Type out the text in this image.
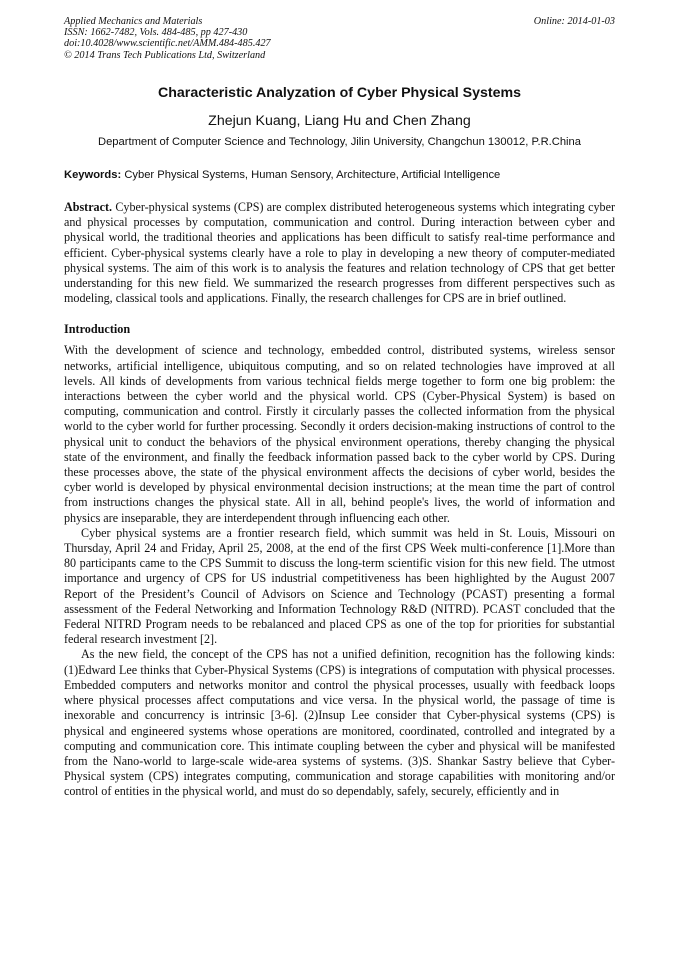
Applied Mechanics and Materials
ISSN: 1662-7482, Vols. 484-485, pp 427-430
doi:10.4028/www.scientific.net/AMM.484-485.427
© 2014 Trans Tech Publications Ltd, Switzerland
Online: 2014-01-03
Characteristic Analyzation of Cyber Physical Systems
Zhejun Kuang, Liang Hu and Chen Zhang
Department of Computer Science and Technology, Jilin University, Changchun 130012, P.R.China
Keywords: Cyber Physical Systems, Human Sensory, Architecture, Artificial Intelligence
Abstract. Cyber-physical systems (CPS) are complex distributed heterogeneous systems which integrating cyber and physical processes by computation, communication and control. During interaction between cyber and physical world, the traditional theories and applications has been difficult to satisfy real-time performance and efficient. Cyber-physical systems clearly have a role to play in developing a new theory of computer-mediated physical systems. The aim of this work is to analysis the features and relation technology of CPS that get better understanding for this new field. We summarized the research progresses from different perspectives such as modeling, classical tools and applications. Finally, the research challenges for CPS are in brief outlined.
Introduction

With the development of science and technology, embedded control, distributed systems, wireless sensor networks, artificial intelligence, ubiquitous computing, and so on related technologies have improved at all levels. All kinds of developments from various technical fields merge together to form one big problem: the interactions between the cyber world and the physical world. CPS (Cyber-Physical System) is based on computing, communication and control. Firstly it circularly passes the collected information from the physical world to the cyber world for further processing. Secondly it orders decision-making instructions of control to the physical unit to conduct the behaviors of the physical environment operations, thereby changing the physical state of the environment, and finally the feedback information passed back to the cyber world by CPS. During these processes above, the state of the physical environment affects the decisions of cyber world, besides the cyber world is developed by physical environmental decision instructions; at the mean time the part of control from instructions changes the physical state. All in all, behind people's lives, the world of information and physics are inseparable, they are interdependent through influencing each other.

Cyber physical systems are a frontier research field, which summit was held in St. Louis, Missouri on Thursday, April 24 and Friday, April 25, 2008, at the end of the first CPS Week multi-conference [1].More than 80 participants came to the CPS Summit to discuss the long-term scientific vision for this new field. The utmost importance and urgency of CPS for US industrial competitiveness has been highlighted by the August 2007 Report of the President’s Council of Advisors on Science and Technology (PCAST) presenting a formal assessment of the Federal Networking and Information Technology R&D (NITRD). PCAST concluded that the Federal NITRD Program needs to be rebalanced and placed CPS as one of the top for priorities for substantial federal research investment [2].

As the new field, the concept of the CPS has not a unified definition, recognition has the following kinds: (1)Edward Lee thinks that Cyber-Physical Systems (CPS) is integrations of computation with physical processes. Embedded computers and networks monitor and control the physical processes, usually with feedback loops where physical processes affect computations and vice versa. In the physical world, the passage of time is inexorable and concurrency is intrinsic [3-6]. (2)Insup Lee consider that Cyber-physical systems (CPS) is physical and engineered systems whose operations are monitored, coordinated, controlled and integrated by a computing and communication core. This intimate coupling between the cyber and physical will be manifested from the Nano-world to large-scale wide-area systems of systems. (3)S. Shankar Sastry believe that Cyber-Physical system (CPS) integrates computing, communication and storage capabilities with monitoring and/or control of entities in the physical world, and must do so dependably, safely, securely, efficiently and in
